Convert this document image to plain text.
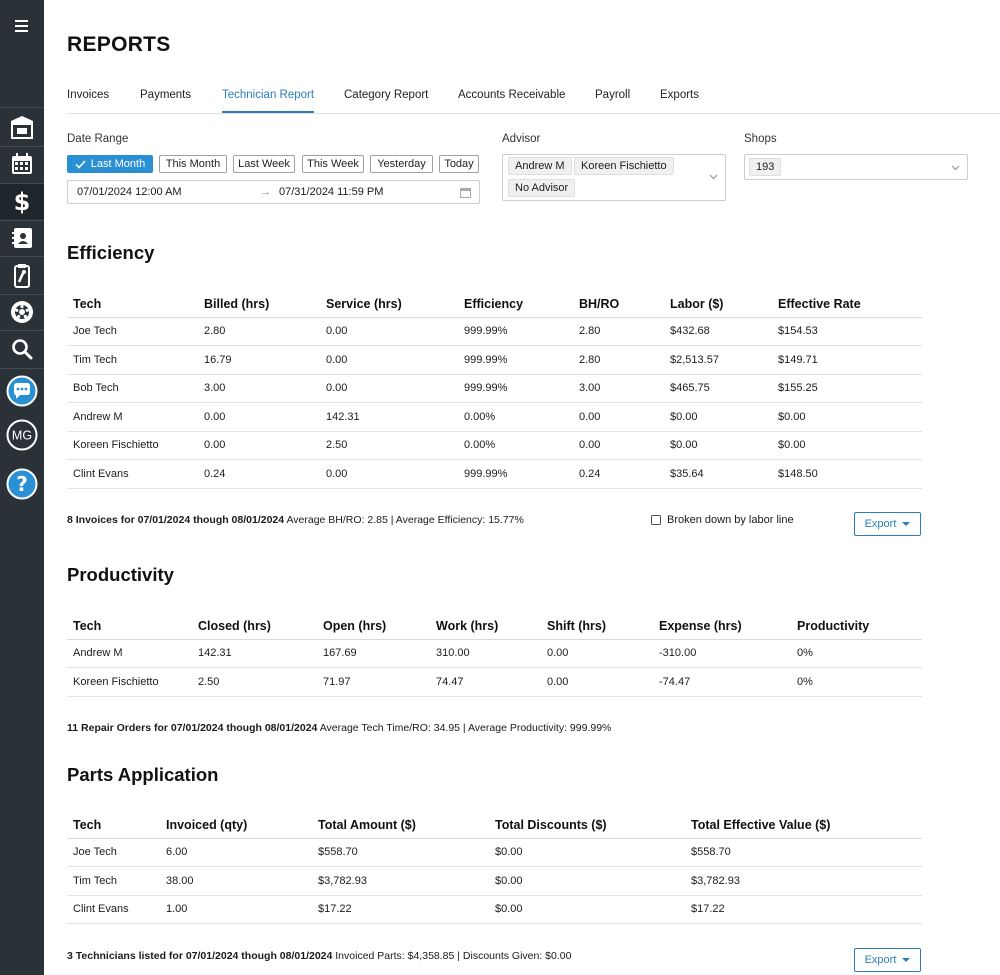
$
MG
?
REPORTS
Invoices	Payments	Technician Report	Category Report	Accounts Receivable	Payroll	Exports
Date Range
Last Month	This Month	Last Week	This Week	Yesterday	Today
07/01/2024 12:00 AM	→ 07/31/2024 11:59 PM
Advisor
Andrew M	Koreen Fischietto
No Advisor
Shops
193
Efficiency
Tech	Billed (hrs)	Service (hrs)	Efficiency	BH/RO	Labor ($)	Effective Rate
Joe Tech	2.80	0.00	999.99%	2.80	$432.68	$154.53
Tim Tech	16.79	0.00	999.99%	2.80	$2,513.57	$149.71
Bob Tech	3.00	0.00	999.99%	3.00	$465.75	$155.25
Andrew M	0.00	142.31	0.00%	0.00	$0.00	$0.00
Koreen Fischietto	0.00	2.50	0.00%	0.00	$0.00	$0.00
Clint Evans	0.24	0.00	999.99%	0.24	$35.64	$148.50
8 Invoices for 07/01/2024 though 08/01/2024 Average BH/RO: 2.85 | Average Efficiency: 15.77%	Broken down by labor line	Export
Productivity
Tech	Closed (hrs)	Open (hrs)	Work (hrs)	Shift (hrs)	Expense (hrs)	Productivity
Andrew M	142.31	167.69	310.00	0.00	-310.00	0%
Koreen Fischietto	2.50	71.97	74.47	0.00	-74.47	0%
11 Repair Orders for 07/01/2024 though 08/01/2024 Average Tech Time/RO: 34.95 | Average Productivity: 999.99%
Parts Application
Tech	Invoiced (qty)	Total Amount ($)	Total Discounts ($)	Total Effective Value ($)
Joe Tech	6.00	$558.70	$0.00	$558.70
Tim Tech	38.00	$3,782.93	$0.00	$3,782.93
Clint Evans	1.00	$17.22	$0.00	$17.22
3 Technicians listed for 07/01/2024 though 08/01/2024 Invoiced Parts: $4,358.85 | Discounts Given: $0.00	Export
